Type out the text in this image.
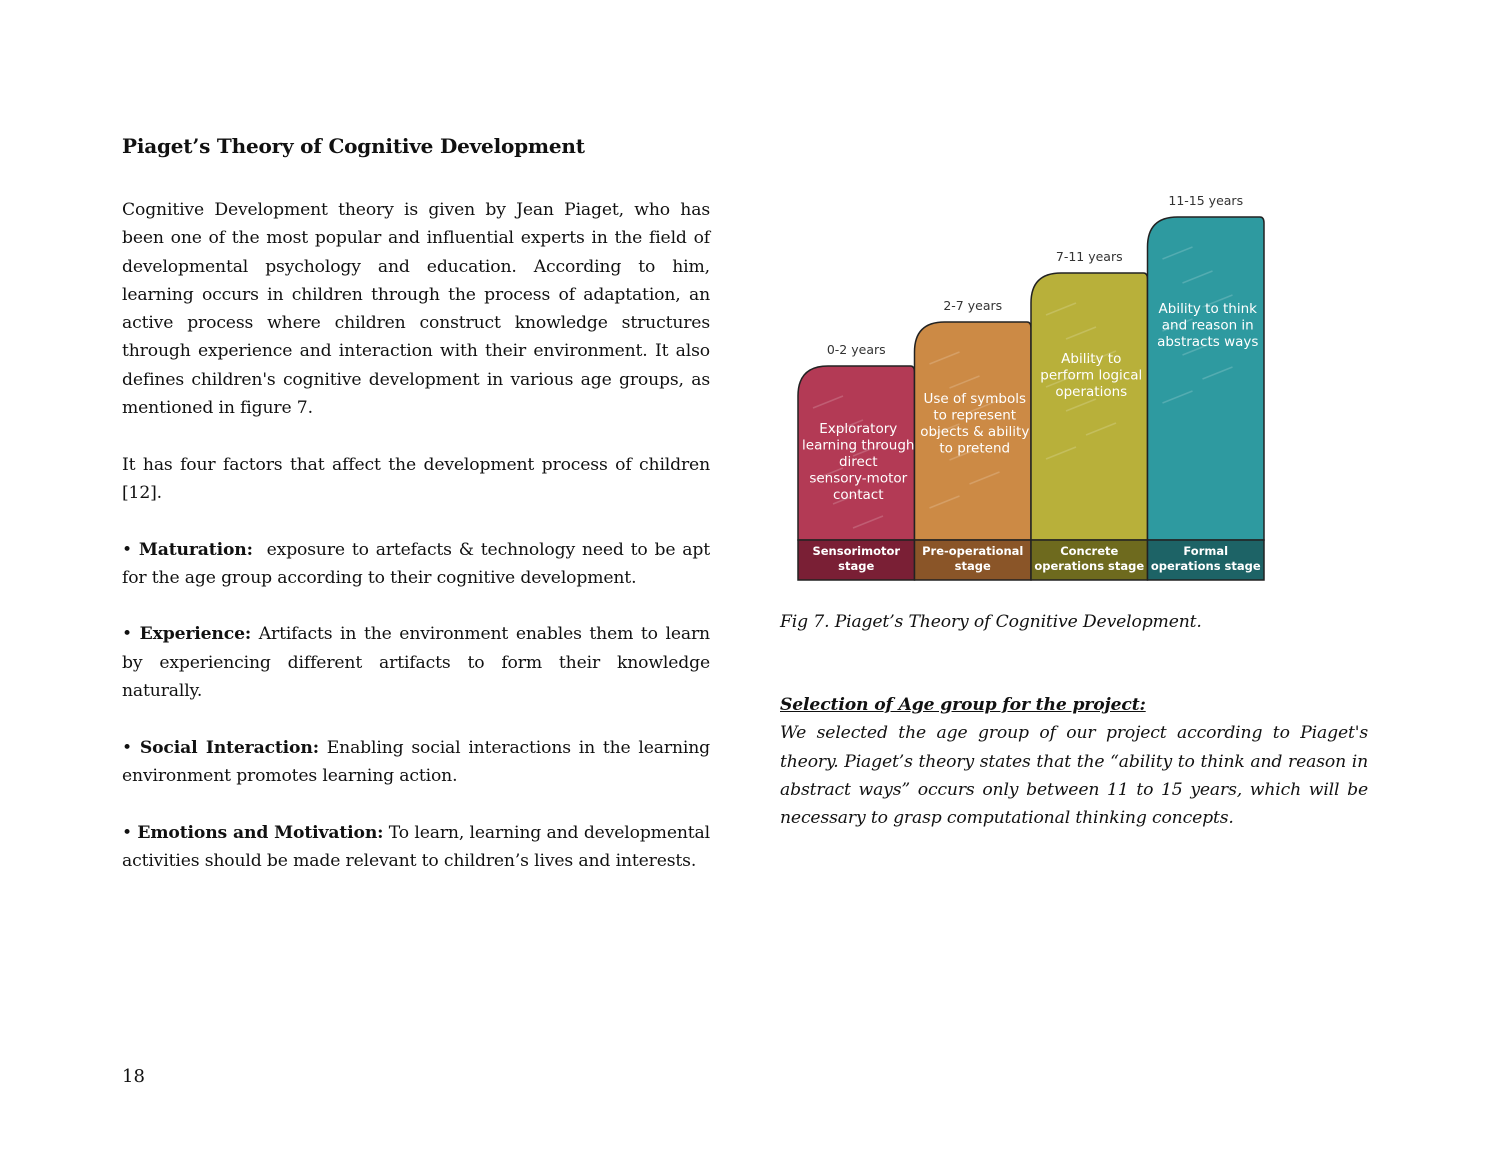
Piaget’s Theory of Cognitive Development

Cognitive Development theory is given by Jean Piaget, who has been one of the most popular and influential experts in the field of developmental psychology and education. According to him, learning occurs in children through the process of adaptation, an active process where children construct knowledge structures through experience and interaction with their environment. It also defines children's cognitive development in various age groups, as mentioned in figure 7.

It has four factors that affect the development process of children [12].

• Maturation: exposure to artefacts & technology need to be apt for the age group according to their cognitive development.

• Experience: Artifacts in the environment enables them to learn by experiencing different artifacts to form their knowledge naturally.

• Social Interaction: Enabling social interactions in the learning environment promotes learning action.

• Emotions and Motivation: To learn, learning and developmental activities should be made relevant to children’s lives and interests.

0-2 years
Exploratory
learning through
direct
sensory-motor
contact
Sensorimotor
stage
2-7 years
Use of symbols
to represent
objects & ability
to pretend
Pre-operational
stage
7-11 years
Ability to
perform logical
operations
Concrete
operations stage
11-15 years
Ability to think
and reason in
abstracts ways
Formal
operations stage
Fig 7. Piaget’s Theory of Cognitive Development.
Selection of Age group for the project:
We selected the age group of our project according to Piaget's theory. Piaget’s theory states that the “ability to think and reason in abstract ways” occurs only between 11 to 15 years, which will be necessary to grasp computational thinking concepts.
18
